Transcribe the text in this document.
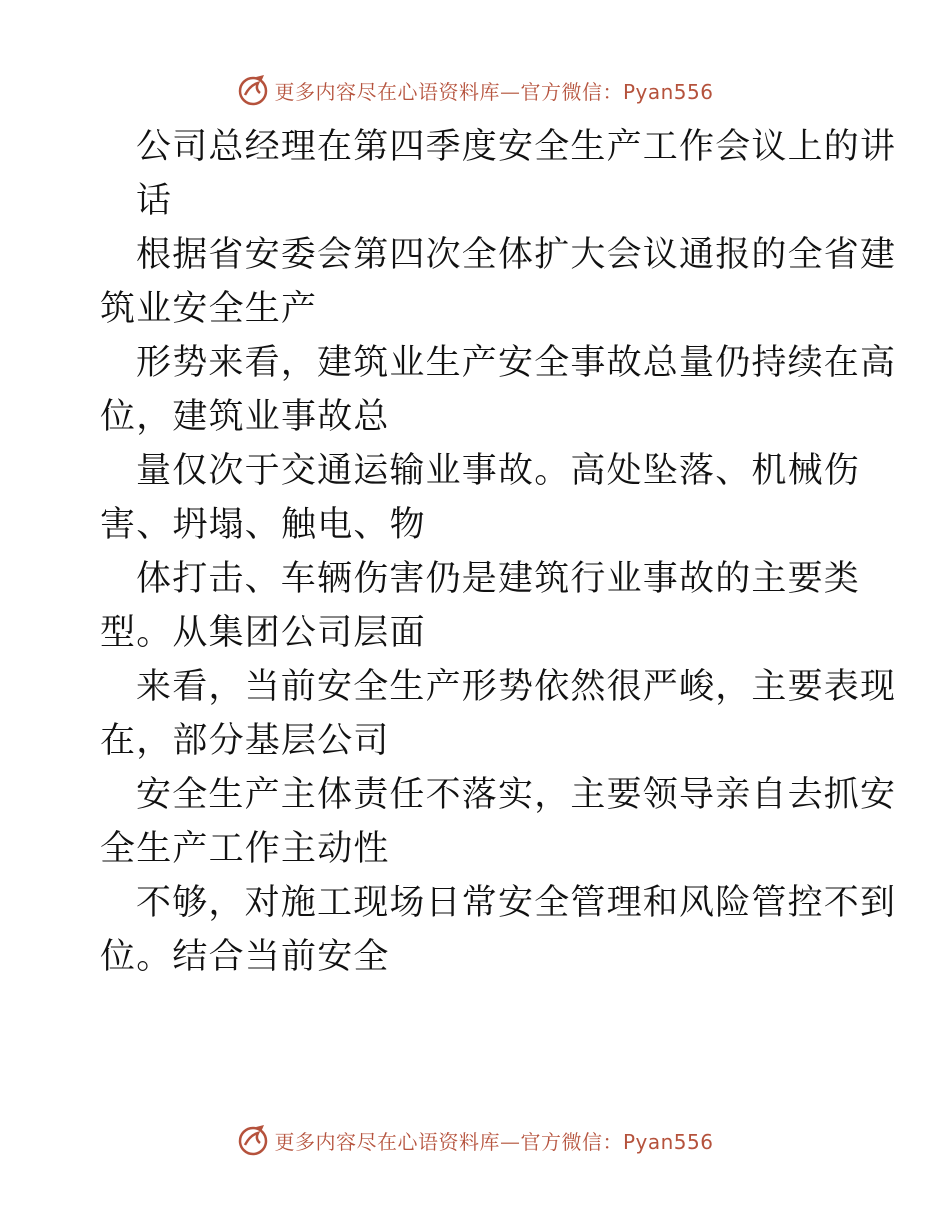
更多内容尽在心语资料库—官方微信：Pyan556
公司总经理在第四季度安全生产工作会议上的讲
话
根据省安委会第四次全体扩大会议通报的全省建
筑业安全生产
形势来看，建筑业生产安全事故总量仍持续在高
位，建筑业事故总
量仅次于交通运输业事故。高处坠落、机械伤
害、坍塌、触电、物
体打击、车辆伤害仍是建筑行业事故的主要类
型。从集团公司层面
来看，当前安全生产形势依然很严峻，主要表现
在，部分基层公司
安全生产主体责任不落实，主要领导亲自去抓安
全生产工作主动性
不够，对施工现场日常安全管理和风险管控不到
位。结合当前安全
更多内容尽在心语资料库—官方微信：Pyan556
